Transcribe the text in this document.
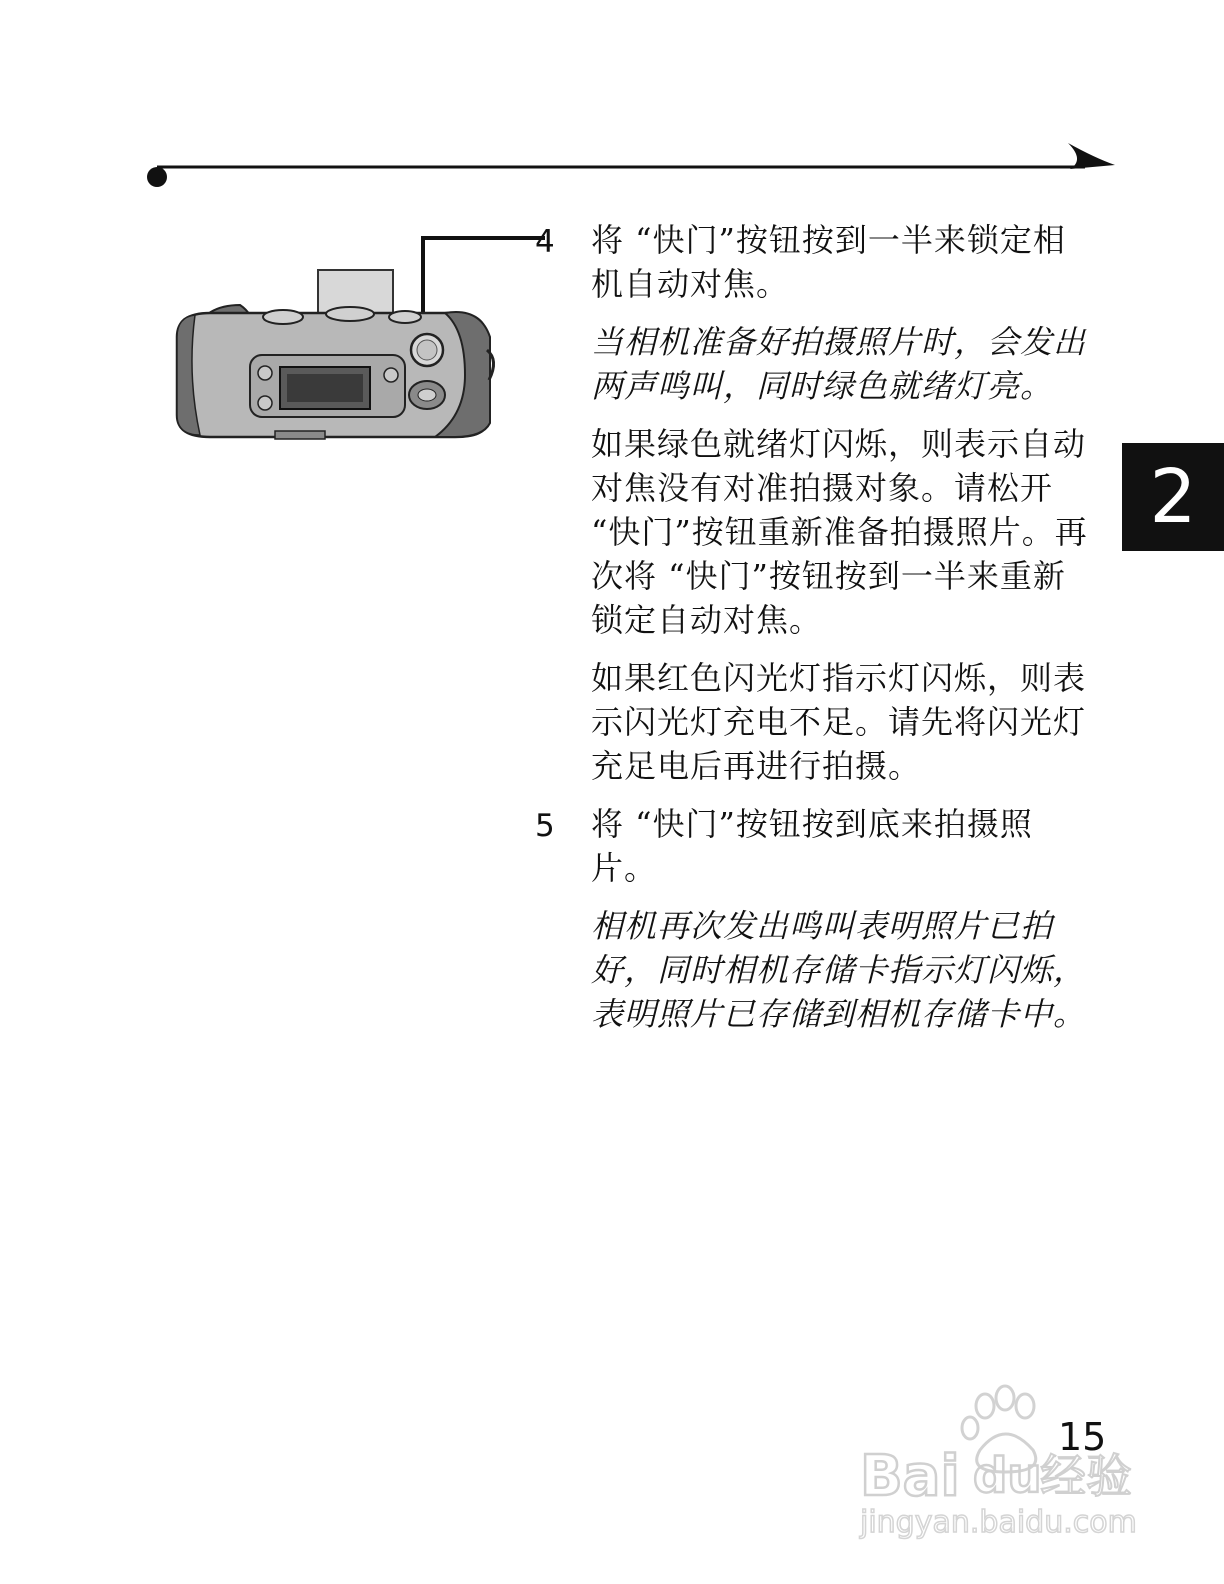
4 将 “快门”按钮按到一半来锁定相机自动对焦。

当相机准备好拍摄照片时，会发出两声鸣叫，同时绿色就绪灯亮。

如果绿色就绪灯闪烁，则表示自动对焦没有对准拍摄对象。请松开 “快门”按钮重新准备拍摄照片。再次将 “快门”按钮按到一半来重新锁定自动对焦。

如果红色闪光灯指示灯闪烁，则表示闪光灯充电不足。请先将闪光灯充足电后再进行拍摄。

5 将 “快门”按钮按到底来拍摄照片。

相机再次发出鸣叫表明照片已拍好，同时相机存储卡指示灯闪烁，表明照片已存储到相机存储卡中。

2
Bai du
经验
jingyan.baidu.com
15
